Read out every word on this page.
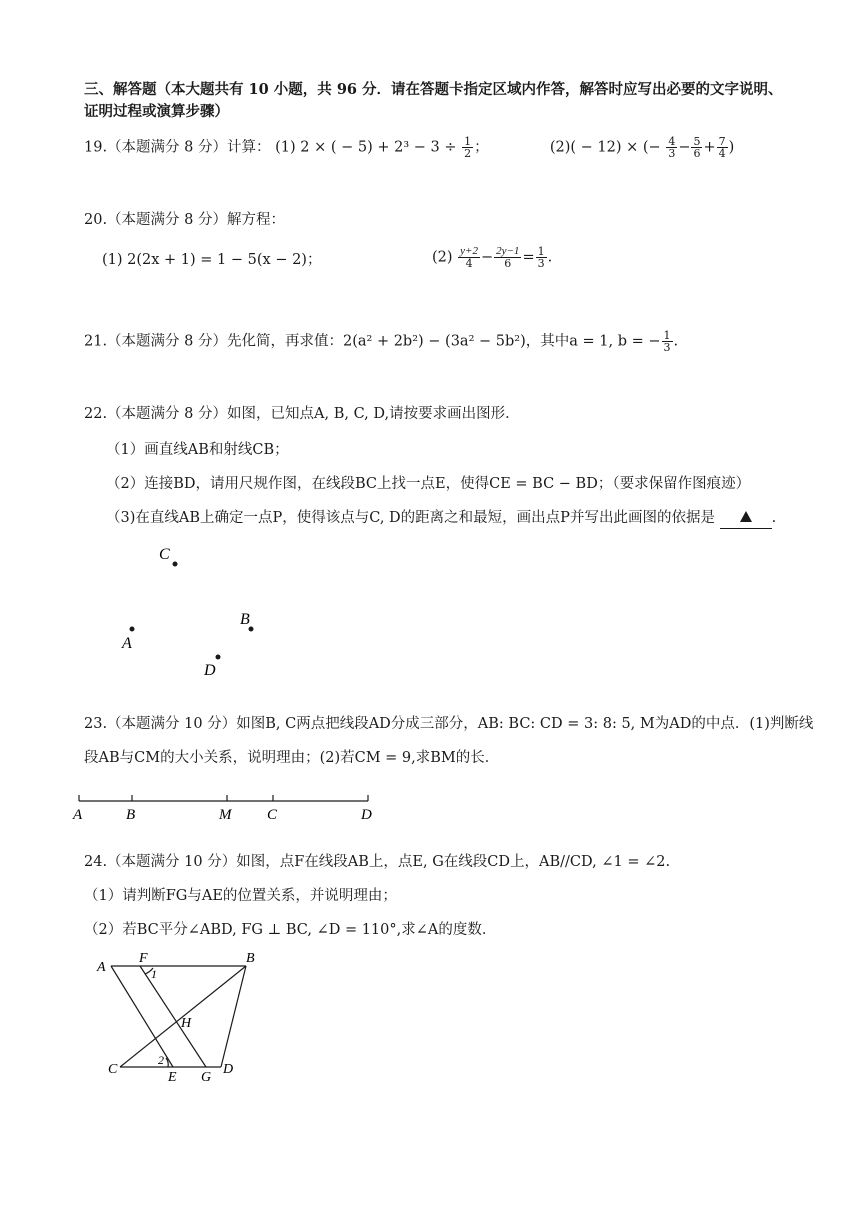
三、解答题（本大题共有 10 小题，共 96 分．请在答题卡指定区域内作答，解答时应写出必要的文字说明、
证明过程或演算步骤）
19.（本题满分 8 分）计算： (1) 2 × ( − $5) + 2^3 - 3 \div \frac{1}{2}$ ；	(2)( − 12) × (− $\frac{4}{3} - \frac{5}{6} + \frac{7}{4}$ )
20.（本题满分 8 分）解方程：
(1) 2(2x + 1) = 1 − 5(x − 2)；	$(2) \frac{y+2}{4} - \frac{2y-1}{6} = \frac{1}{3}$ .
21.（本题满分 8 分）先化简，再求值：2(a² + 2b²) − (3a² − 5b²)，其中a = 1, b = − $\frac{1}{3}$ .
22.（本题满分 8 分）如图，已知点A, B, C, D,请按要求画出图形．
（1）画直线AB和射线CB；
（2）连接BD，请用尺规作图，在线段BC上找一点E，使得CE = BC − BD；（要求保留作图痕迹）
（3)在直线AB上确定一点P，使得该点与C, D的距离之和最短，画出点P并写出此画图的依据是	.
C
B
A
D
23.（本题满分 10 分）如图B, C两点把线段AD分成三部分，AB: BC: CD = 3: 8: 5, M为AD的中点．(1)判断线
段AB与CM的大小关系，说明理由；(2)若CM = 9,求BM的长．
A	B	M C	D
24.（本题满分 10 分）如图，点F在线段AB上，点E, G在线段CD上，AB//CD, ∠1 = ∠2.
（1）请判断FG与AE的位置关系，并说明理由；
（2）若BC平分∠ABD, FG ⊥ BC, ∠D = 110°,求∠A的度数．
A
F
1
B
H
C
2
E G
D
